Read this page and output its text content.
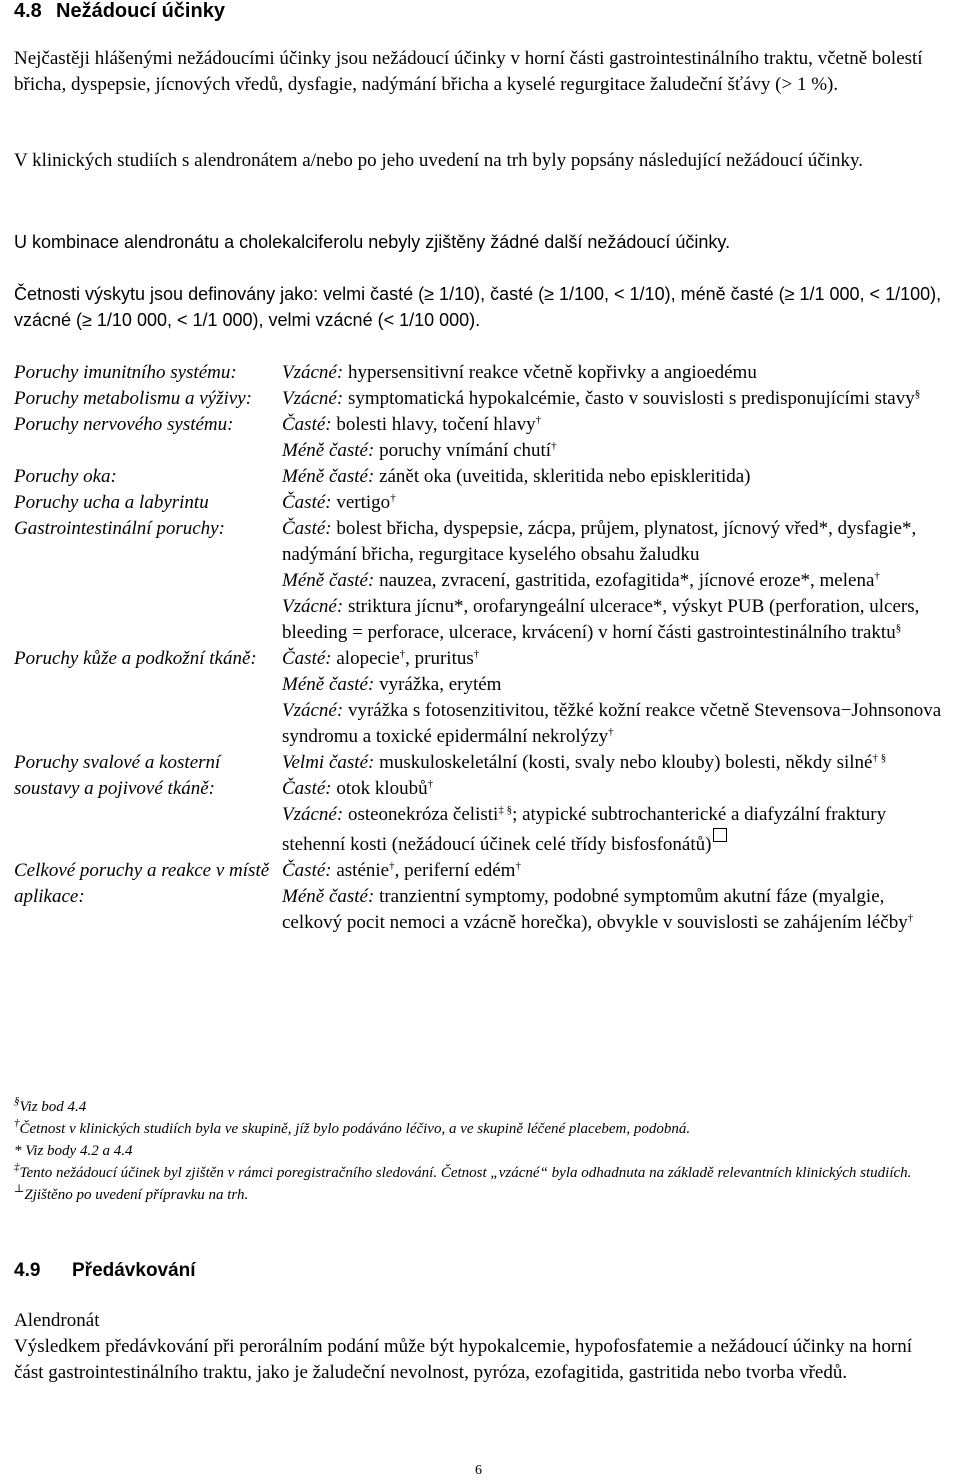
4.8 Nežádoucí účinky
Nejčastěji hlášenými nežádoucími účinky jsou nežádoucí účinky v horní části gastrointestinálního traktu, včetně bolestí břicha, dyspepsie, jícnových vředů, dysfagie, nadýmání břicha a kyselé regurgitace žaludeční šťávy (> 1 %).
V klinických studiích s alendronátem a/nebo po jeho uvedení na trh byly popsány následující nežádoucí účinky.
U kombinace alendronátu a cholekalciferolu nebyly zjištěny žádné další nežádoucí účinky.
Četnosti výskytu jsou definovány jako: velmi časté (≥ 1/10), časté (≥ 1/100, < 1/10), méně časté (≥ 1/1 000, < 1/100), vzácné (≥ 1/10 000, < 1/1 000), velmi vzácné (< 1/10 000).
Poruchy imunitního systému:	Vzácné: hypersensitivní reakce včetně kopřivky a angioedému
Poruchy metabolismu a výživy:	Vzácné: symptomatická hypokalcémie, často v souvislosti s predisponujícími stavy§
Poruchy nervového systému:	Časté: bolesti hlavy, točení hlavy†
Méně časté: poruchy vnímání chutí†
Poruchy oka:	Méně časté: zánět oka (uveitida, skleritida nebo episkleritida)
Poruchy ucha a labyrintu	Časté: vertigo†
Gastrointestinální poruchy:	Časté: bolest břicha, dyspepsie, zácpa, průjem, plynatost, jícnový vřed*, dysfagie*, nadýmání břicha, regurgitace kyselého obsahu žaludku
Méně časté: nauzea, zvracení, gastritida, ezofagitida*, jícnové eroze*, melena†
Vzácné: striktura jícnu*, orofaryngeální ulcerace*, výskyt PUB (perforation, ulcers, bleeding = perforace, ulcerace, krvácení) v horní části gastrointestinálního traktu§
Poruchy kůže a podkožní tkáně:	Časté: alopecie†, pruritus†
Méně časté: vyrážka, erytém
Vzácné: vyrážka s fotosenzitivitou, těžké kožní reakce včetně Stevensova−Johnsonova syndromu a toxické epidermální nekrolýzy†
Poruchy svalové a kosterní soustavy a pojivové tkáně:
Velmi časté: muskuloskeletální (kosti, svaly nebo klouby) bolesti, někdy silné† §
Časté: otok kloubů†
Vzácné: osteonekróza čelisti‡ §; atypické subtrochanterické a diafyzální fraktury stehenní kosti (nežádoucí účinek celé třídy bisfosfonátů)
Celkové poruchy a reakce v místě aplikace:
Časté: asténie†, periferní edém†
Méně časté: tranzientní symptomy, podobné symptomům akutní fáze (myalgie, celkový pocit nemoci a vzácně horečka), obvykle v souvislosti se zahájením léčby†
§Viz bod 4.4
†Četnost v klinických studiích byla ve skupině, jíž bylo podáváno léčivo, a ve skupině léčené placebem, podobná.
* Viz body 4.2 a 4.4
‡Tento nežádoucí účinek byl zjištěn v rámci poregistračního sledování. Četnost „vzácné“ byla odhadnuta na základě relevantních klinických studiích.
⊥Zjištěno po uvedení přípravku na trh.
4.9 Předávkování
Alendronát
Výsledkem předávkování při perorálním podání může být hypokalcemie, hypofosfatemie a nežádoucí účinky na horní část gastrointestinálního traktu, jako je žaludeční nevolnost, pyróza, ezofagitida, gastritida nebo tvorba vředů.
6
